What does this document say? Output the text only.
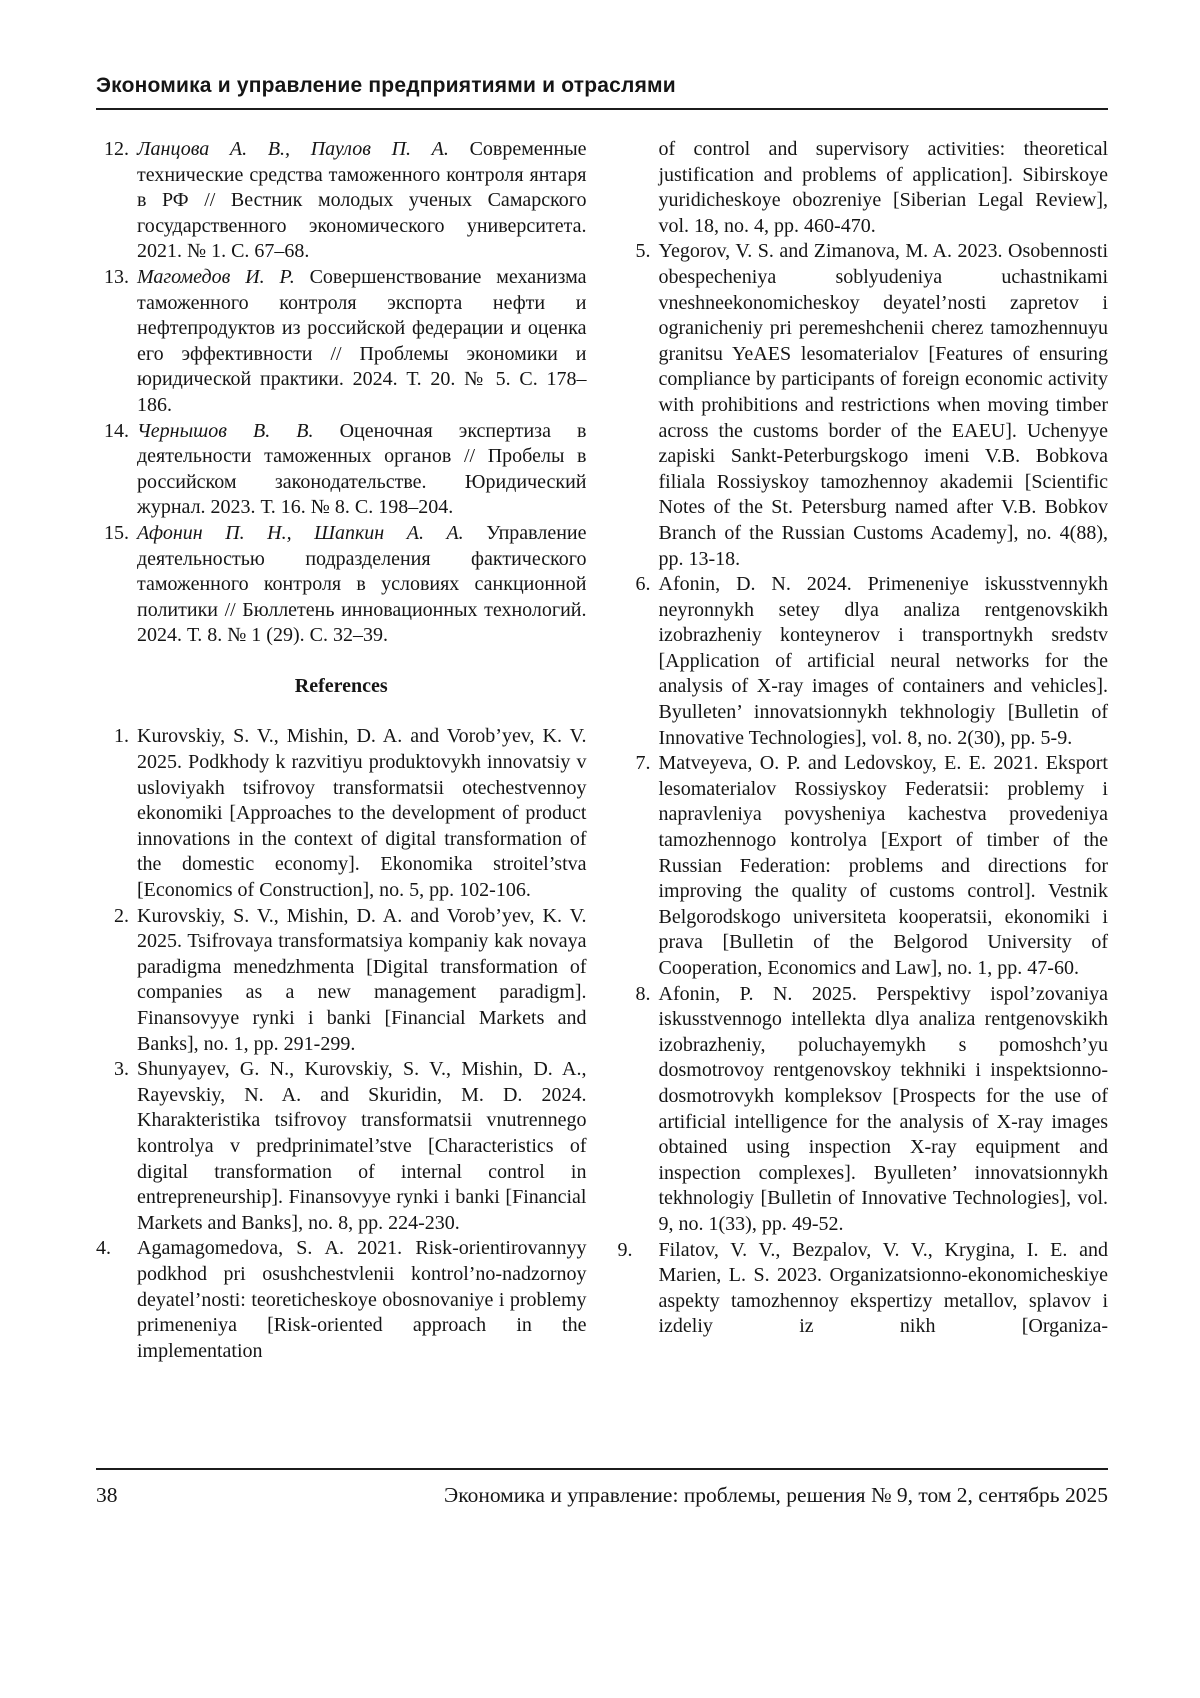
Экономика и управление предприятиями и отраслями
12. Ланцова А. В., Паулов П. А. Современные технические средства таможенного контроля янтаря в РФ // Вестник молодых ученых Самарского государственного экономического университета. 2021. № 1. С. 67–68.
13. Магомедов И. Р. Совершенствование механизма таможенного контроля экспорта нефти и нефтепродуктов из российской федерации и оценка его эффективности // Проблемы экономики и юридической практики. 2024. Т. 20. № 5. С. 178–186.
14. Чернышов В. В. Оценочная экспертиза в деятельности таможенных органов // Пробелы в российском законодательстве. Юридический журнал. 2023. Т. 16. № 8. С. 198–204.
15. Афонин П. Н., Шапкин А. А. Управление деятельностью подразделения фактического таможенного контроля в условиях санкционной политики // Бюллетень инновационных технологий. 2024. Т. 8. № 1 (29). С. 32–39.
References
1. Kurovskiy, S. V., Mishin, D. A. and Vorob’yev, K. V. 2025. Podkhody k razvitiyu produktovykh innovatsiy v usloviyakh tsifrovoy transformatsii otechestvennoy ekonomiki [Approaches to the development of product innovations in the context of digital transformation of the domestic economy]. Ekonomika stroitel’stva [Economics of Construction], no. 5, pp. 102-106.
2. Kurovskiy, S. V., Mishin, D. A. and Vorob’yev, K. V. 2025. Tsifrovaya transformatsiya kompaniy kak novaya paradigma menedzhmenta [Digital transformation of companies as a new management paradigm]. Finansovyye rynki i banki [Financial Markets and Banks], no. 1, pp. 291-299.
3. Shunyayev, G. N., Kurovskiy, S. V., Mishin, D. A., Rayevskiy, N. A. and Skuridin, M. D. 2024. Kharakteristika tsifrovoy transformatsii vnutrennego kontrolya v predprinimatel’stve [Characteristics of digital transformation of internal control in entrepreneurship]. Finansovyye rynki i banki [Financial Markets and Banks], no. 8, pp. 224-230.
4.	Agamagomedova, S. A. 2021. Risk-orientirovannyy podkhod pri osushchestvlenii kontrol’no-nadzornoy deyatel’nosti: teoreticheskoye obosnovaniye i problemy primeneniya [Risk-oriented approach in the implementation

of control and supervisory activities: theoretical justification and problems of application]. Sibirskoye yuridicheskoye obozreniye [Siberian Legal Review], vol. 18, no. 4, pp. 460-470.

5. Yegorov, V. S. and Zimanova, M. A. 2023. Osobennosti obespecheniya soblyudeniya uchastnikami vneshneekonomicheskoy deyatel’nosti zapretov i ogranicheniy pri peremeshchenii cherez tamozhennuyu granitsu YeAES lesomaterialov [Features of ensuring compliance by participants of foreign economic activity with prohibitions and restrictions when moving timber across the customs border of the EAEU]. Uchenyye zapiski Sankt-Peterburgskogo imeni V.B. Bobkova filiala Rossiyskoy tamozhennoy akademii [Scientific Notes of the St. Petersburg named after V.B. Bobkov Branch of the Russian Customs Academy], no. 4(88), pp. 13-18.
6. Afonin, D. N. 2024. Primeneniye iskusstvennykh neyronnykh setey dlya analiza rentgenovskikh izobrazheniy konteynerov i transportnykh sredstv [Application of artificial neural networks for the analysis of X-ray images of containers and vehicles]. Byulleten’ innovatsionnykh tekhnologiy [Bulletin of Innovative Technologies], vol. 8, no. 2(30), pp. 5-9.
7. Matveyeva, O. P. and Ledovskoy, E. E. 2021. Eksport lesomaterialov Rossiyskoy Federatsii: problemy i napravleniya povysheniya kachestva provedeniya tamozhennogo kontrolya [Export of timber of the Russian Federation: problems and directions for improving the quality of customs control]. Vestnik Belgorodskogo universiteta kooperatsii, ekonomiki i prava [Bulletin of the Belgorod University of Cooperation, Economics and Law], no. 1, pp. 47-60.
8. Afonin, P. N. 2025. Perspektivy ispol’zovaniya iskusstvennogo intellekta dlya analiza rentgenovskikh izobrazheniy, poluchayemykh s pomoshch’yu dosmotrovoy rentgenovskoy tekhniki i inspektsionno-dosmotrovykh kompleksov [Prospects for the use of artificial intelligence for the analysis of X-ray images obtained using inspection X-ray equipment and inspection complexes]. Byulleten’ innovatsionnykh tekhnologiy [Bulletin of Innovative Technologies], vol. 9, no. 1(33), pp. 49-52.
9.	Filatov, V. V., Bezpalov, V. V., Krygina, I. E. and Marien, L. S. 2023. Organizatsionno-ekonomicheskiye aspekty tamozhennoy ekspertizy metallov, splavov i izdeliy iz nikh [Organiza-
38	Экономика и управление: проблемы, решения № 9, том 2, сентябрь 2025
